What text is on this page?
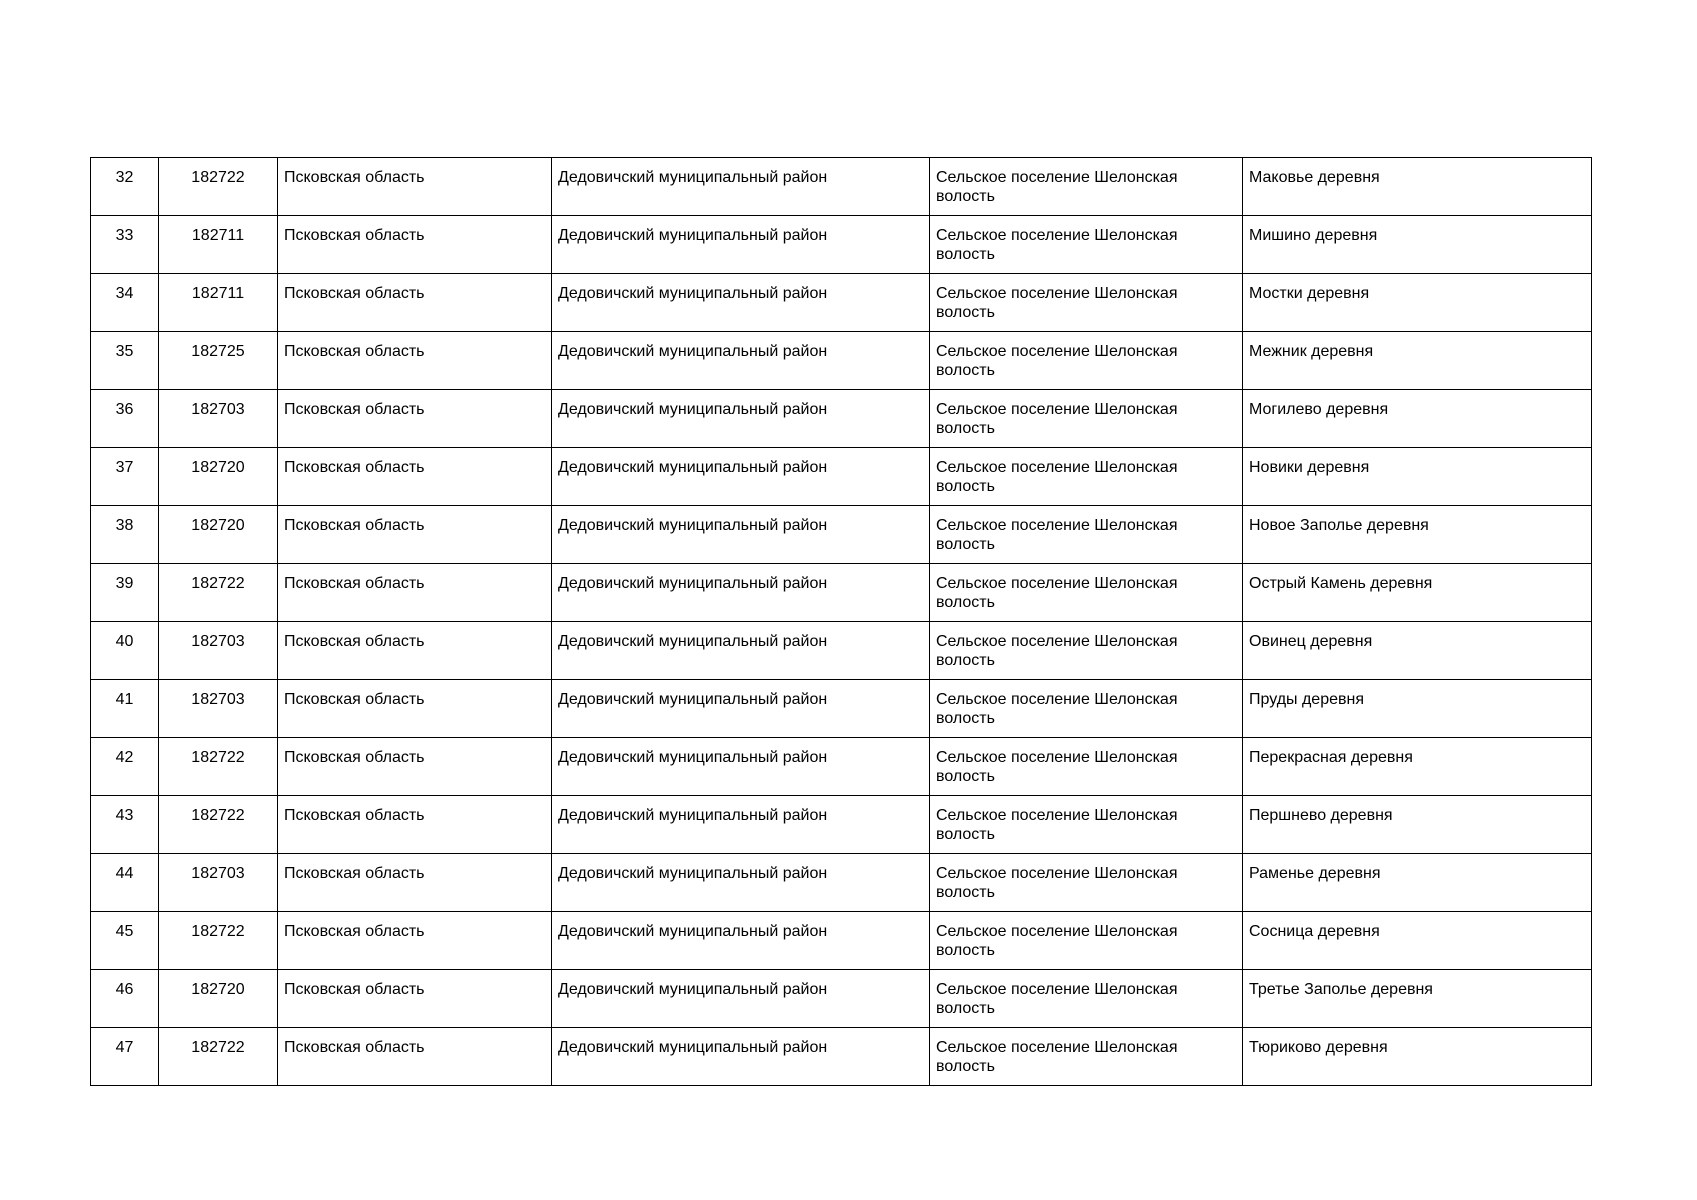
32	182722	Псковская область	Дедовичский муниципальный район	Сельское поселение Шелонская волость	Маковье деревня
33	182711	Псковская область	Дедовичский муниципальный район	Сельское поселение Шелонская волость	Мишино деревня
34	182711	Псковская область	Дедовичский муниципальный район	Сельское поселение Шелонская волость	Мостки деревня
35	182725	Псковская область	Дедовичский муниципальный район	Сельское поселение Шелонская волость	Межник деревня
36	182703	Псковская область	Дедовичский муниципальный район	Сельское поселение Шелонская волость	Могилево деревня
37	182720	Псковская область	Дедовичский муниципальный район	Сельское поселение Шелонская волость	Новики деревня
38	182720	Псковская область	Дедовичский муниципальный район	Сельское поселение Шелонская волость	Новое Заполье деревня
39	182722	Псковская область	Дедовичский муниципальный район	Сельское поселение Шелонская волость	Острый Камень деревня
40	182703	Псковская область	Дедовичский муниципальный район	Сельское поселение Шелонская волость	Овинец деревня
41	182703	Псковская область	Дедовичский муниципальный район	Сельское поселение Шелонская волость	Пруды деревня
42	182722	Псковская область	Дедовичский муниципальный район	Сельское поселение Шелонская волость	Перекрасная деревня
43	182722	Псковская область	Дедовичский муниципальный район	Сельское поселение Шелонская волость	Першнево деревня
44	182703	Псковская область	Дедовичский муниципальный район	Сельское поселение Шелонская волость	Раменье деревня
45	182722	Псковская область	Дедовичский муниципальный район	Сельское поселение Шелонская волость	Сосница деревня
46	182720	Псковская область	Дедовичский муниципальный район	Сельское поселение Шелонская волость	Третье Заполье деревня
47	182722	Псковская область	Дедовичский муниципальный район	Сельское поселение Шелонская волость	Тюриково деревня
